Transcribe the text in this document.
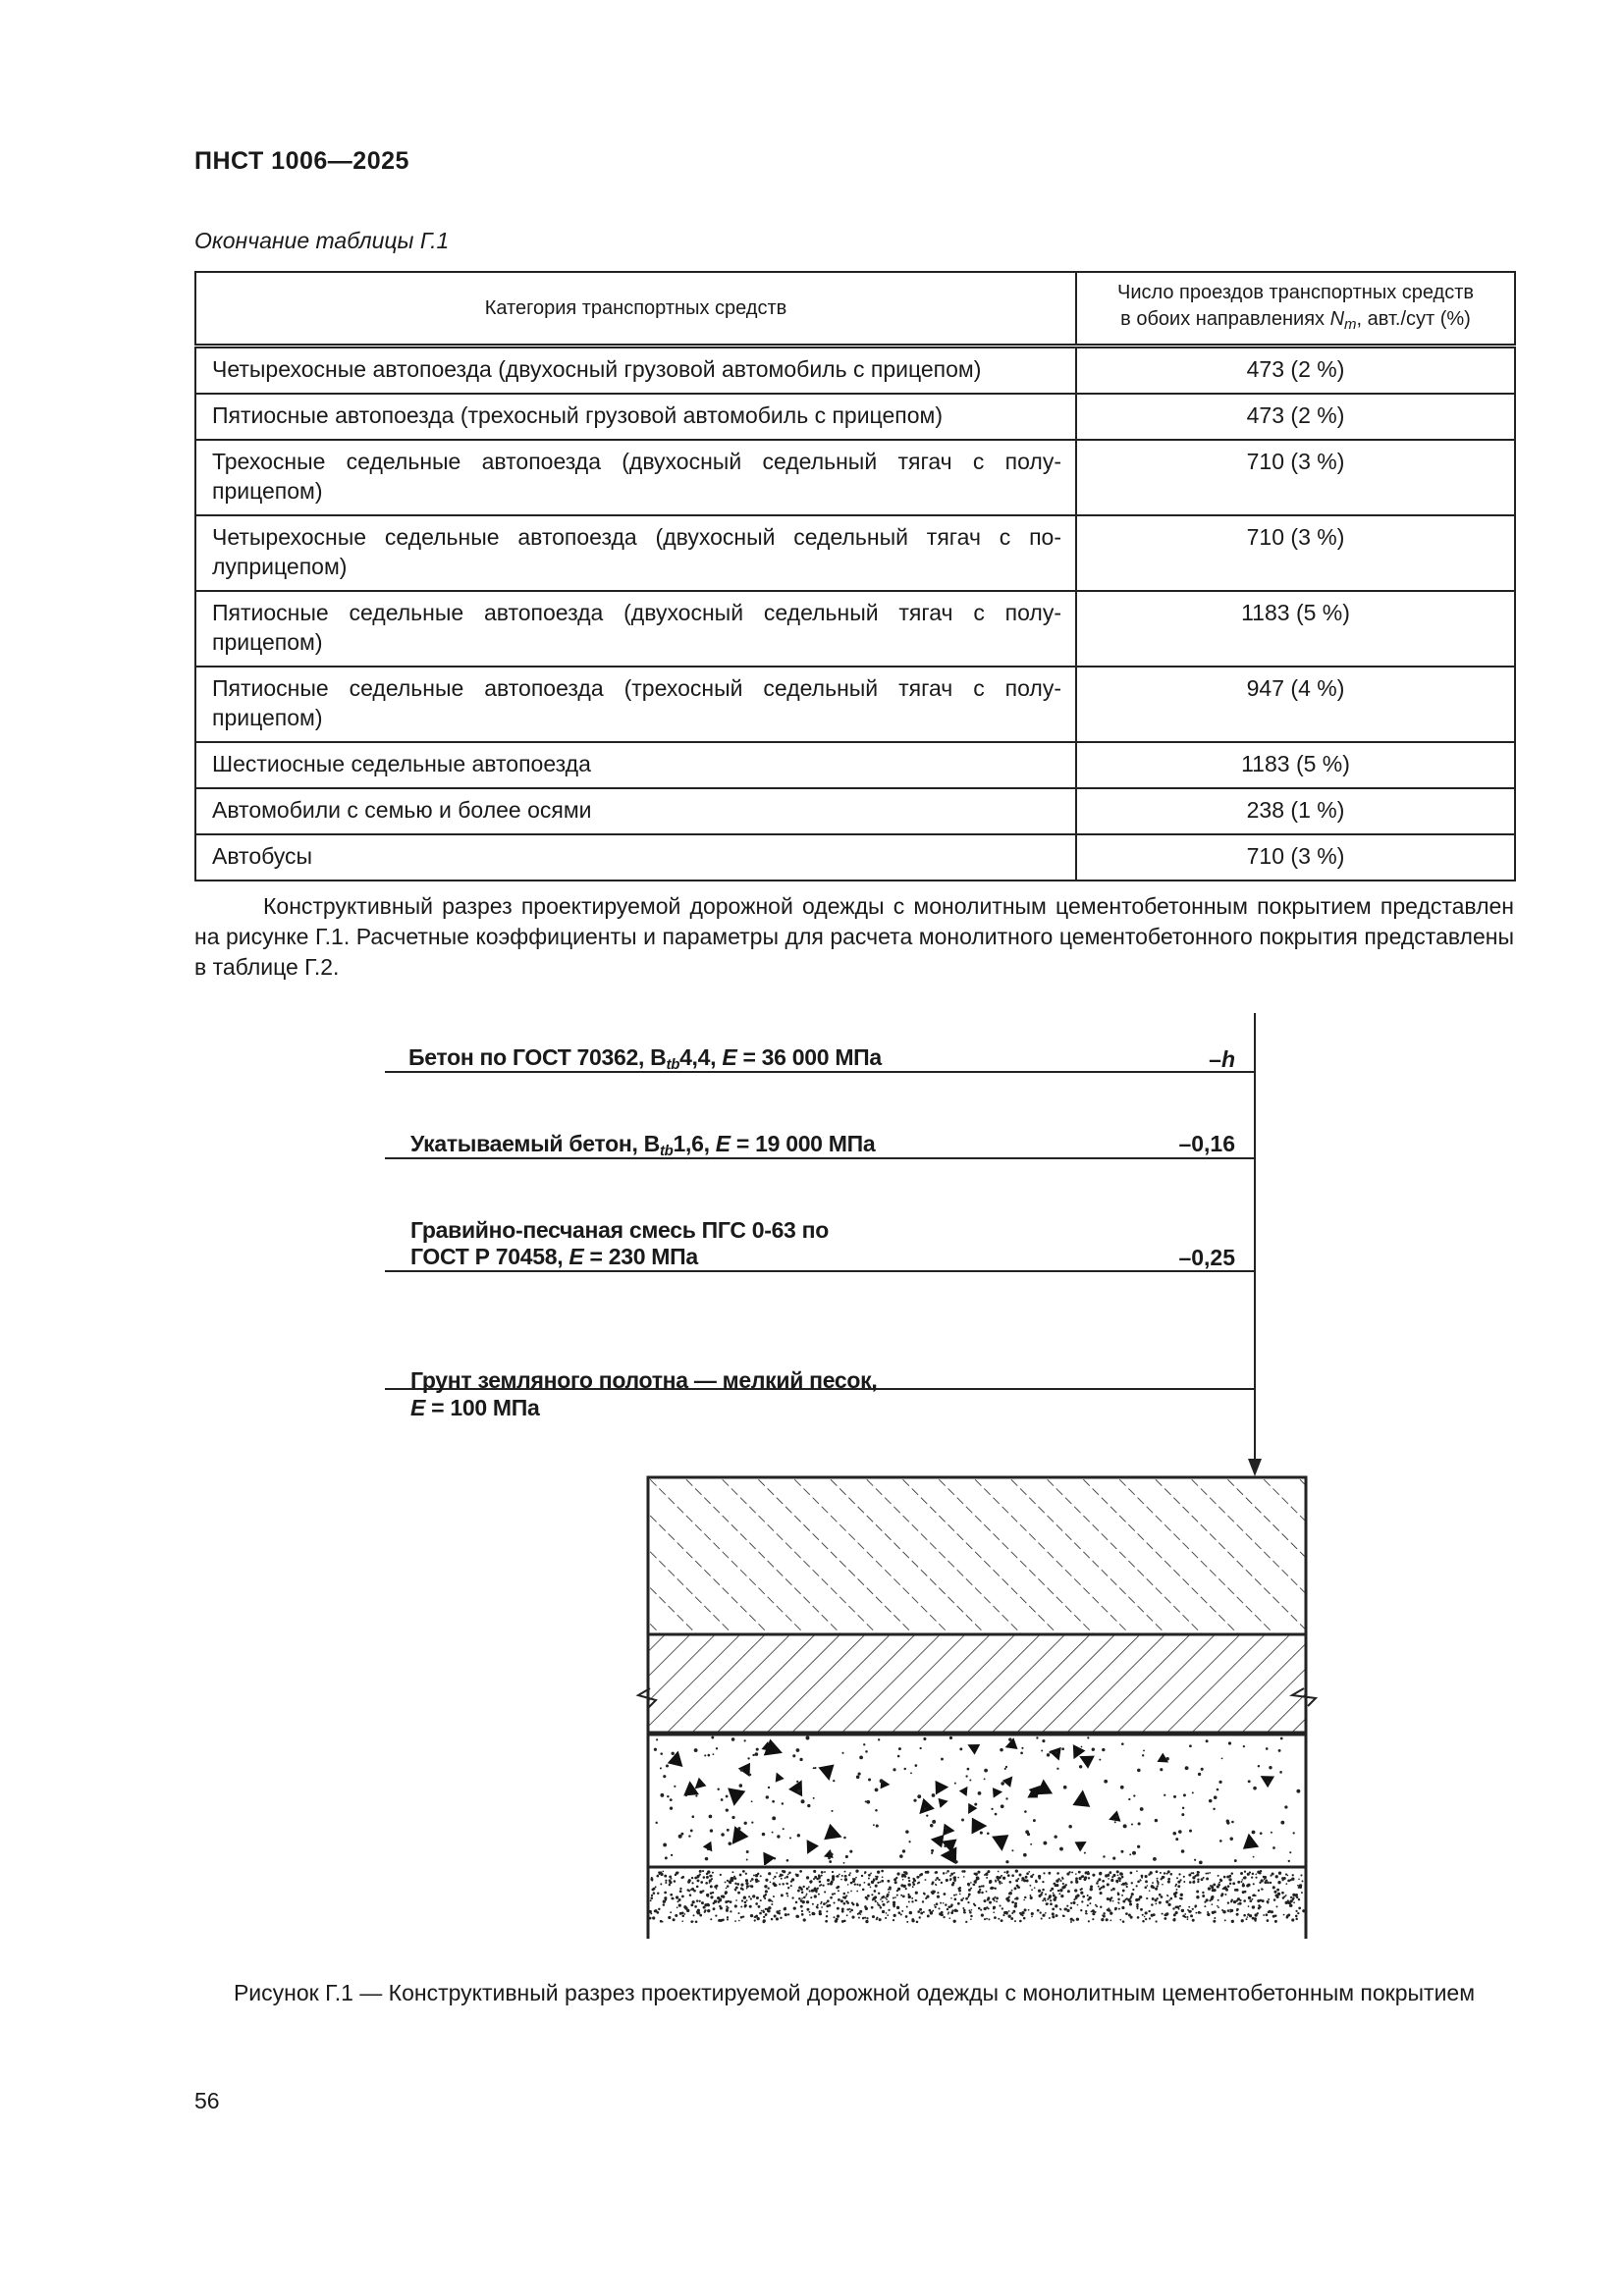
ПНСТ 1006—2025
Окончание таблицы Г.1
Категория транспортных средств	Число проездов транспортных средств
в обоих направлениях $N_m$, авт./сут (%)
Четырехосные автопоезда (двухосный грузовой автомобиль с прицепом)	473 (2 %)
Пятиосные автопоезда (трехосный грузовой автомобиль с прицепом)	473 (2 %)
Трехосные седельные автопоезда (двухосный седельный тягач с полу-прицепом)	710 (3 %)
Четырехосные седельные автопоезда (двухосный седельный тягач с по-луприцепом)	710 (3 %)
Пятиосные седельные автопоезда (двухосный седельный тягач с полу-прицепом)	1183 (5 %)
Пятиосные седельные автопоезда (трехосный седельный тягач с полу-прицепом)	947 (4 %)
Шестиосные седельные автопоезда	1183 (5 %)
Автомобили с семью и более осями	238 (1 %)
Автобусы	710 (3 %)
Конструктивный разрез проектируемой дорожной одежды с монолитным цементобетонным покрытием представлен на рисунке Г.1. Расчетные коэффициенты и параметры для расчета монолитного цементобетонного покрытия представлены в таблице Г.2.
Бетон по ГОСТ 70362, $B_{tb}4,4$, E = 36 000 МПа	–h
Укатываемый бетон, $B_{tb}1,6$, E = 19 000 МПа	–0,16
Гравийно-песчаная смесь ПГС 0-63 по
ГОСТ Р 70458, E = 230 МПа	–0,25
Грунт земляного полотна — мелкий песок,
E = 100 МПа
Рисунок Г.1 — Конструктивный разрез проектируемой дорожной одежды с монолитным цементобетонным покрытием
56
